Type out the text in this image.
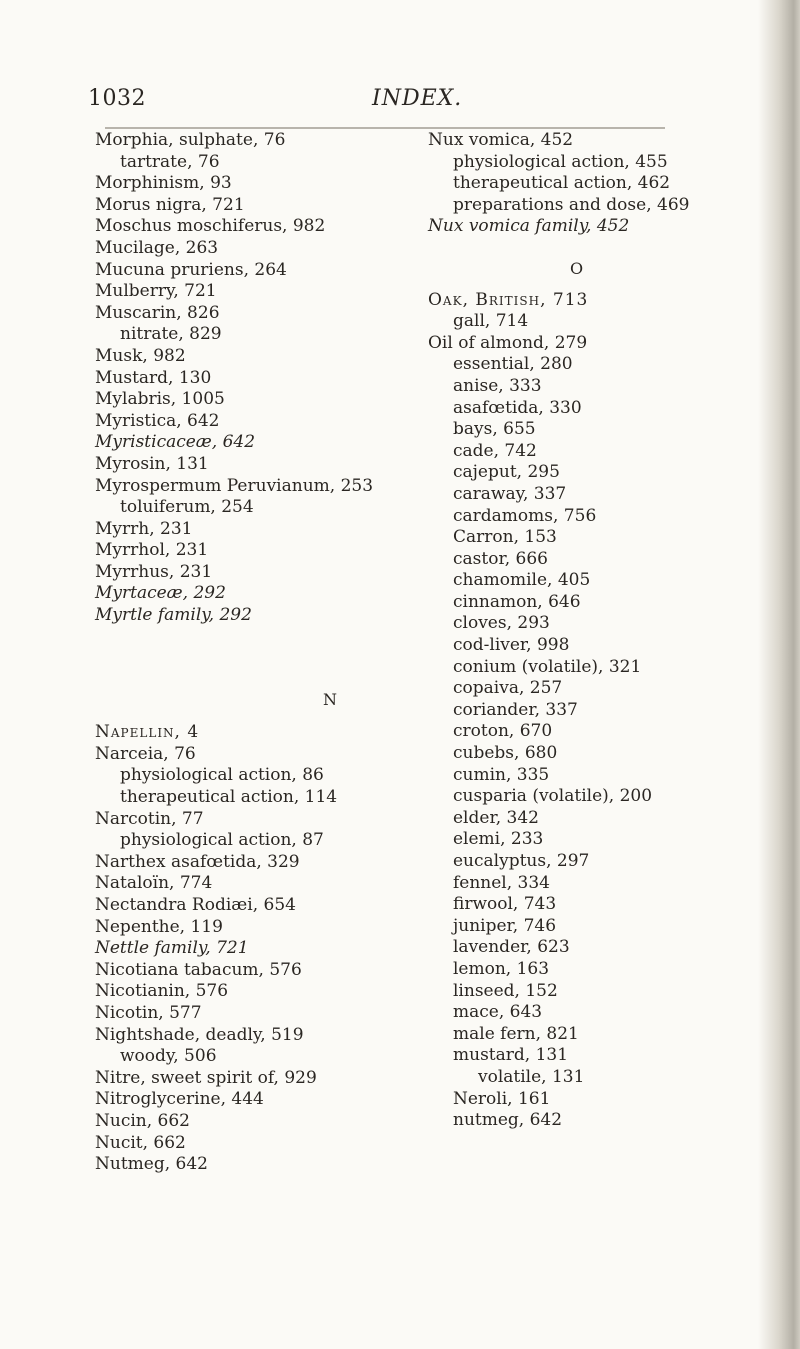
1032	INDEX.
Morphia, sulphate, 76
tartrate, 76
Morphinism, 93
Morus nigra, 721
Moschus moschiferus, 982
Mucilage, 263
Mucuna pruriens, 264
Mulberry, 721
Muscarin, 826
nitrate, 829
Musk, 982
Mustard, 130
Mylabris, 1005
Myristica, 642
Myristicaceæ, 642
Myrosin, 131
Myrospermum Peruvianum, 253
toluiferum, 254
Myrrh, 231
Myrrhol, 231
Myrrhus, 231
Myrtaceæ, 292
Myrtle family, 292
N
Napellin, 4
Narceia, 76
physiological action, 86
therapeutical action, 114
Narcotin, 77
physiological action, 87
Narthex asafœtida, 329
Nataloïn, 774
Nectandra Rodiæi, 654
Nepenthe, 119
Nettle family, 721
Nicotiana tabacum, 576
Nicotianin, 576
Nicotin, 577
Nightshade, deadly, 519
woody, 506
Nitre, sweet spirit of, 929
Nitroglycerine, 444
Nucin, 662
Nucit, 662
Nutmeg, 642
Nux vomica, 452
physiological action, 455
therapeutical action, 462
preparations and dose, 469
Nux vomica family, 452
O
Oak, British, 713
gall, 714
Oil of almond, 279
essential, 280
anise, 333
asafœtida, 330
bays, 655
cade, 742
cajeput, 295
caraway, 337
cardamoms, 756
Carron, 153
castor, 666
chamomile, 405
cinnamon, 646
cloves, 293
cod-liver, 998
conium (volatile), 321
copaiva, 257
coriander, 337
croton, 670
cubebs, 680
cumin, 335
cusparia (volatile), 200
elder, 342
elemi, 233
eucalyptus, 297
fennel, 334
firwool, 743
juniper, 746
lavender, 623
lemon, 163
linseed, 152
mace, 643
male fern, 821
mustard, 131
volatile, 131
Neroli, 161
nutmeg, 642
